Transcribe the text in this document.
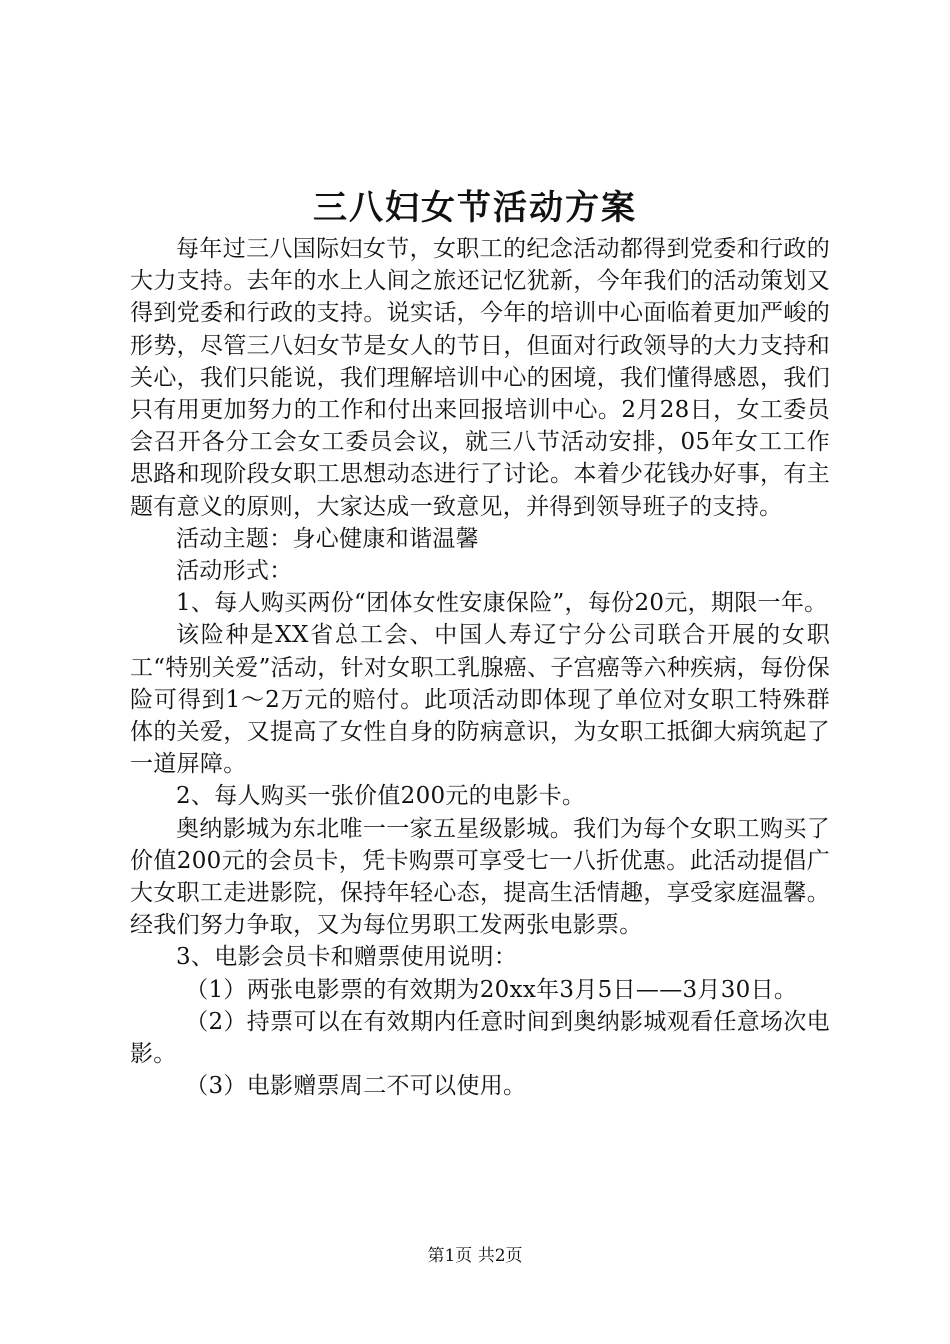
三八妇女节活动方案

每年过三八国际妇女节，女职工的纪念活动都得到党委和行政的大力支持。去年的水上人间之旅还记忆犹新，今年我们的活动策划又得到党委和行政的支持。说实话，今年的培训中心面临着更加严峻的形势，尽管三八妇女节是女人的节日，但面对行政领导的大力支持和关心，我们只能说，我们理解培训中心的困境，我们懂得感恩，我们只有用更加努力的工作和付出来回报培训中心。2月28日，女工委员会召开各分工会女工委员会议，就三八节活动安排，05年女工工作思路和现阶段女职工思想动态进行了讨论。本着少花钱办好事，有主题有意义的原则，大家达成一致意见，并得到领导班子的支持。

活动主题：身心健康和谐温馨

活动形式：

1、每人购买两份“团体女性安康保险”，每份20元，期限一年。

该险种是XX省总工会、中国人寿辽宁分公司联合开展的女职工“特别关爱”活动，针对女职工乳腺癌、子宫癌等六种疾病，每份保险可得到1～2万元的赔付。此项活动即体现了单位对女职工特殊群体的关爱，又提高了女性自身的防病意识，为女职工抵御大病筑起了一道屏障。

2、每人购买一张价值200元的电影卡。

奥纳影城为东北唯一一家五星级影城。我们为每个女职工购买了价值200元的会员卡，凭卡购票可享受七一八折优惠。此活动提倡广大女职工走进影院，保持年轻心态，提高生活情趣，享受家庭温馨。经我们努力争取，又为每位男职工发两张电影票。

3、电影会员卡和赠票使用说明：

（1）两张电影票的有效期为20xx年3月5日——3月30日。

（2）持票可以在有效期内任意时间到奥纳影城观看任意场次电影。

（3）电影赠票周二不可以使用。

第1页 共2页
